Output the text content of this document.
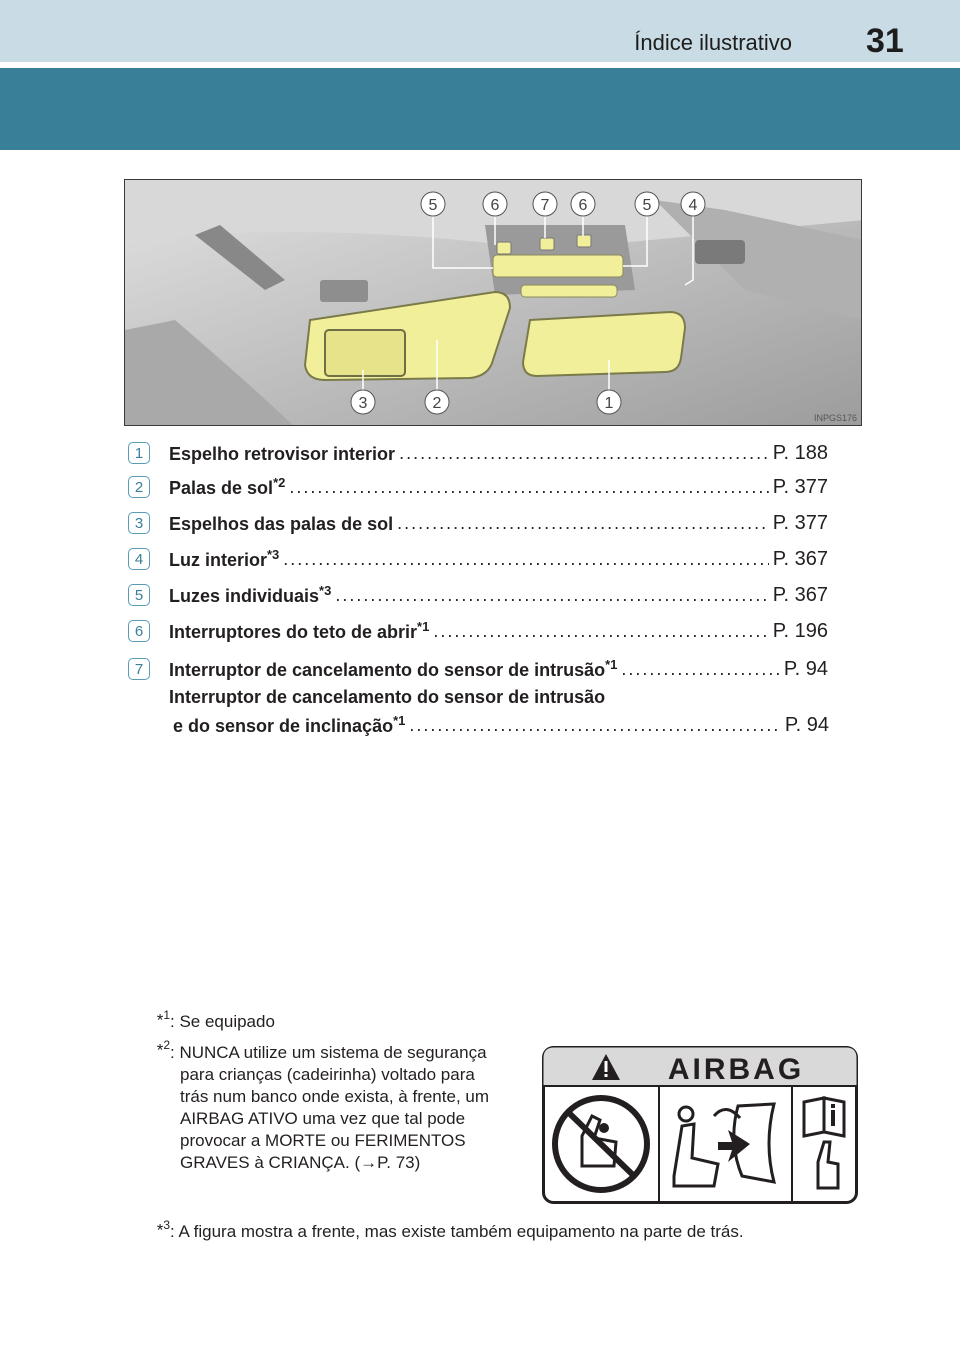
Índice ilustrativo 31
5	6	7 6	5 4
3	2	1
INPGS176
1	Espelho retrovisor interior .....	P. 188
2	Palas de sol$^{*2}$ .....	P. 377
3	Espelhos das palas de sol .....	P. 377
4	Luz interior$^{*3}$ .....	P. 367
5	Luzes individuais$^{*3}$ .....	P. 367
6	Interruptores do teto de abrir$^{*1}$ .....	P. 196
7	Interruptor de cancelamento do sensor de intrusão$^{*1}$ .....	P. 94
Interruptor de cancelamento do sensor de intrusão
e do sensor de inclinação$^{*1}$ .....	P. 94
*$^1$ : Se equipado
*$^2$ : NUNCA utilize um sistema de segurança
para crianças (cadeirinha) voltado para
trás num banco onde exista, à frente, um
AIRBAG ATIVO uma vez que tal pode
provocar a MORTE ou FERIMENTOS
GRAVES à CRIANÇA. (→P. 73)
*$^3$ : A figura mostra a frente, mas existe também equipamento na parte de trás.
AIRBAG
